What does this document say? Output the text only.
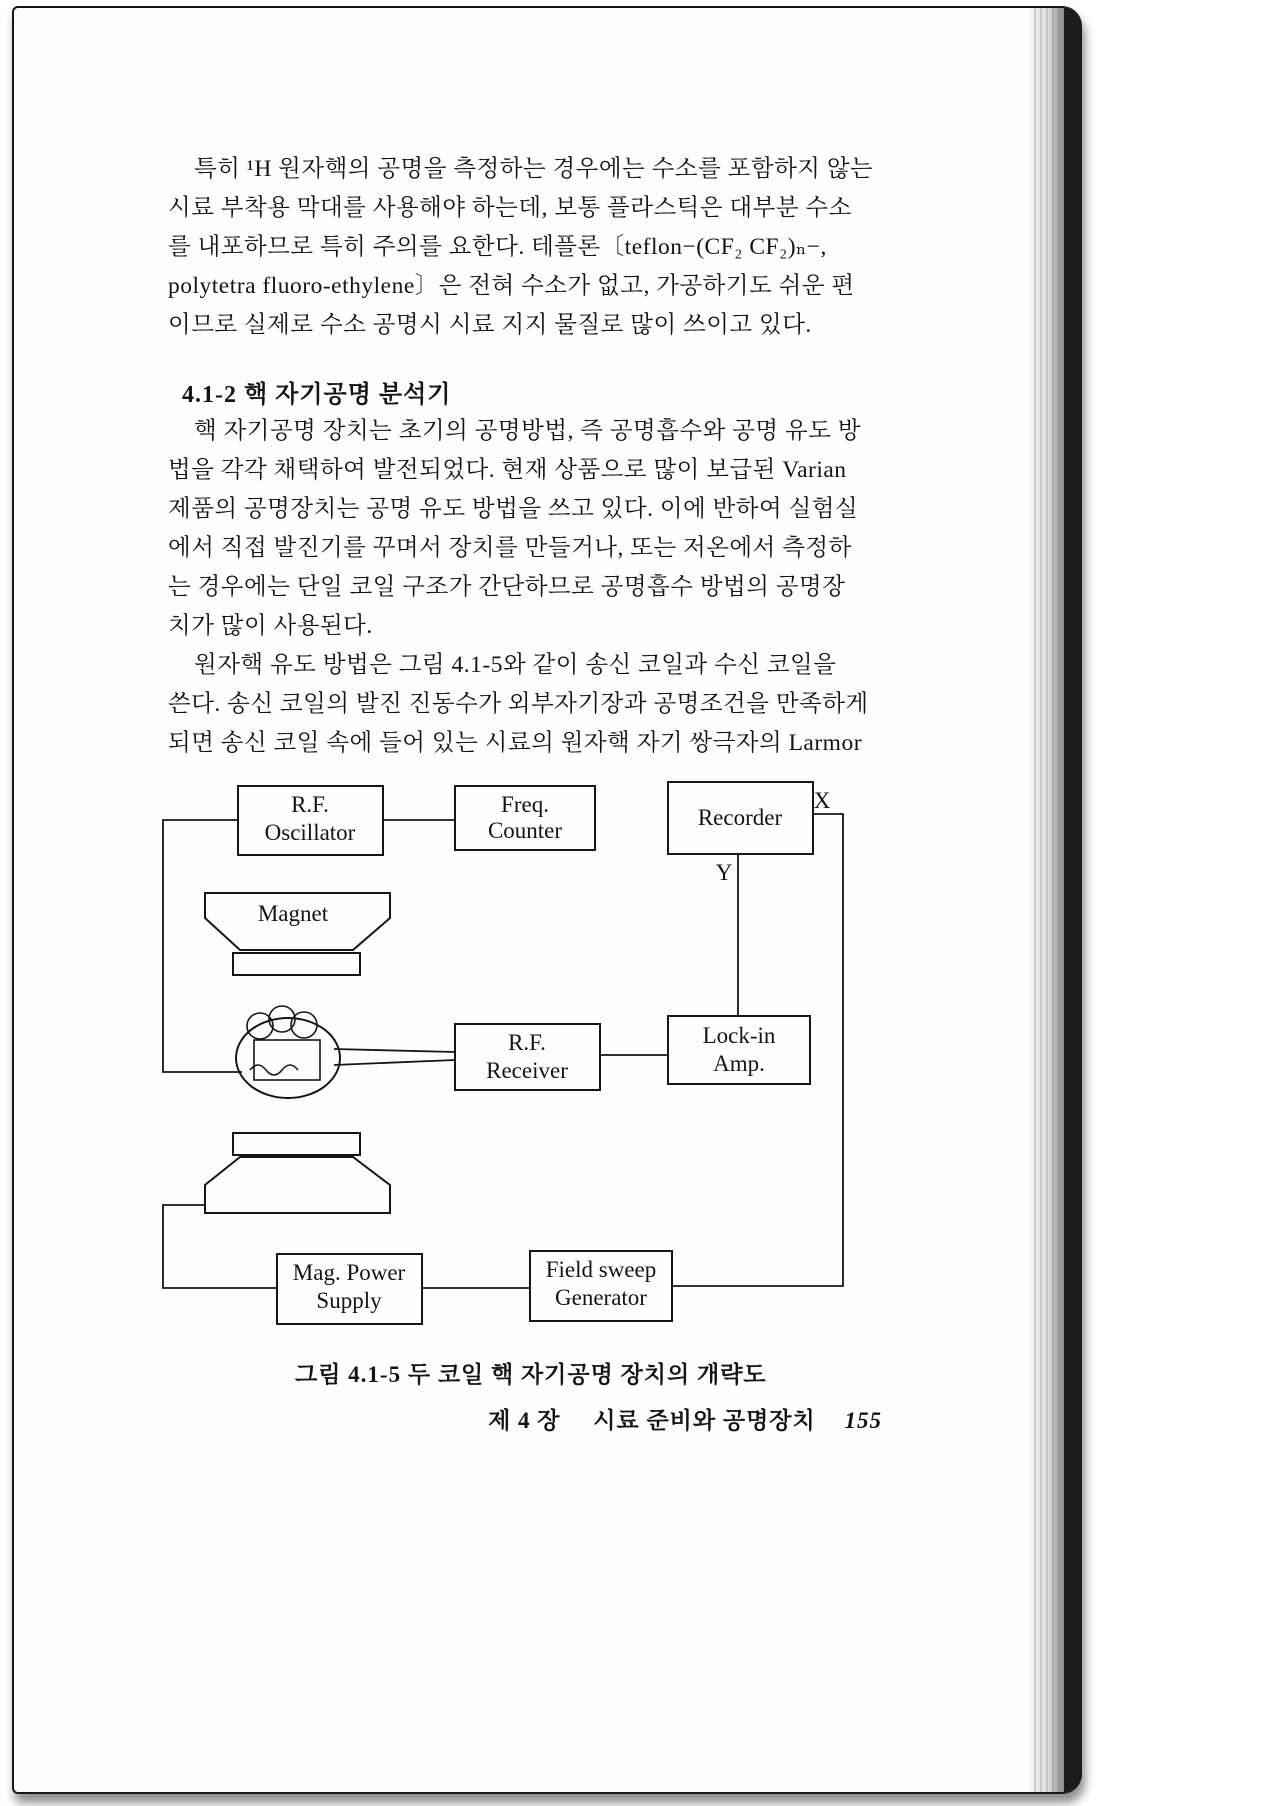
특히 ¹H 원자핵의 공명을 측정하는 경우에는 수소를 포함하지 않는
시료 부착용 막대를 사용해야 하는데, 보통 플라스틱은 대부분 수소
를 내포하므로 특히 주의를 요한다. 테플론〔teflon−(CF₂ CF₂)ₙ−,
polytetra fluoro-ethylene〕은 전혀 수소가 없고, 가공하기도 쉬운 편
이므로 실제로 수소 공명시 시료 지지 물질로 많이 쓰이고 있다.
4.1-2 핵 자기공명 분석기
핵 자기공명 장치는 초기의 공명방법, 즉 공명흡수와 공명 유도 방
법을 각각 채택하여 발전되었다. 현재 상품으로 많이 보급된 Varian
제품의 공명장치는 공명 유도 방법을 쓰고 있다. 이에 반하여 실험실
에서 직접 발진기를 꾸며서 장치를 만들거나, 또는 저온에서 측정하
는 경우에는 단일 코일 구조가 간단하므로 공명흡수 방법의 공명장
치가 많이 사용된다.
원자핵 유도 방법은 그림 4.1-5와 같이 송신 코일과 수신 코일을
쓴다. 송신 코일의 발진 진동수가 외부자기장과 공명조건을 만족하게
되면 송신 코일 속에 들어 있는 시료의 원자핵 자기 쌍극자의 Larmor
Magnet
R.F.
Oscillator
Freq.
Counter
Recorder
R.F.
Receiver
Lock-in
Amp.
Mag. Power
Supply
Field sweep
Generator
X
Y
그림 4.1-5 두 코일 핵 자기공명 장치의 개략도
제 4 장 시료 준비와 공명장치 155
